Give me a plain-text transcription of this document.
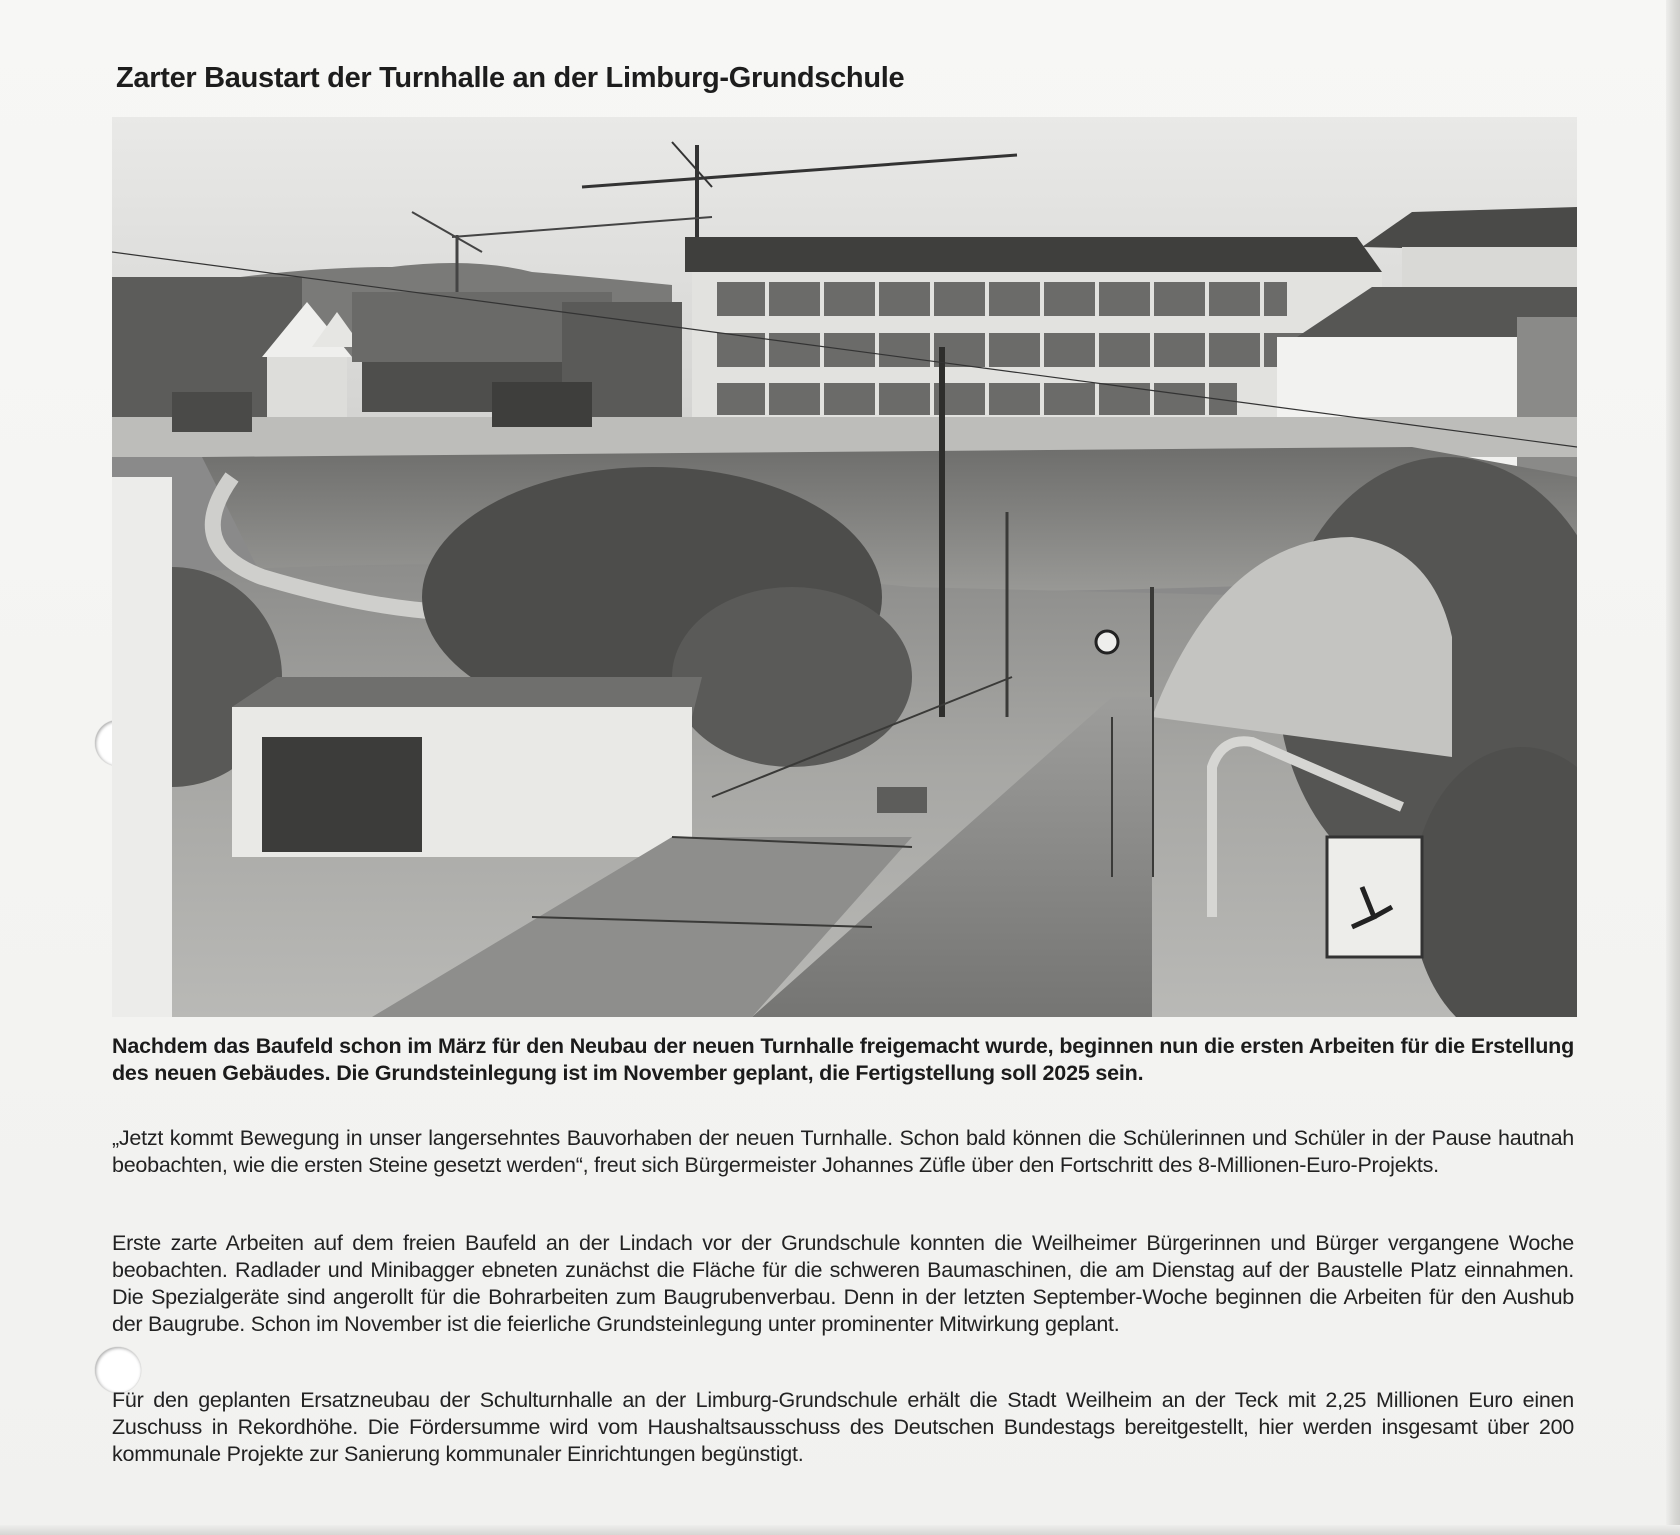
Zarter Baustart der Turnhalle an der Limburg-Grundschule

Nachdem das Baufeld schon im März für den Neubau der neuen Turnhalle freigemacht wurde, beginnen nun die ersten Arbeiten für die Erstellung des neuen Gebäudes. Die Grundsteinlegung ist im November geplant, die Fertigstellung soll 2025 sein.

„Jetzt kommt Bewegung in unser langersehntes Bauvorhaben der neuen Turnhalle. Schon bald können die Schülerinnen und Schüler in der Pause hautnah beobachten, wie die ersten Steine gesetzt werden“, freut sich Bürgermeister Johannes Züfle über den Fortschritt des 8-Millionen-Euro-Projekts.

Erste zarte Arbeiten auf dem freien Baufeld an der Lindach vor der Grundschule konnten die Weilheimer Bürgerinnen und Bürger vergangene Woche beobachten. Radlader und Minibagger ebneten zunächst die Fläche für die schweren Baumaschinen, die am Dienstag auf der Baustelle Platz einnahmen. Die Spezialgeräte sind angerollt für die Bohrarbeiten zum Baugrubenverbau. Denn in der letzten September-Woche beginnen die Arbeiten für den Aushub der Baugrube. Schon im November ist die feierliche Grundsteinlegung unter prominenter Mitwirkung geplant.

Für den geplanten Ersatzneubau der Schulturnhalle an der Limburg-Grundschule erhält die Stadt Weilheim an der Teck mit 2,25 Millionen Euro einen Zuschuss in Rekordhöhe. Die Fördersumme wird vom Haushaltsausschuss des Deutschen Bundestags bereitgestellt, hier werden insgesamt über 200 kommunale Projekte zur Sanierung kommunaler Einrichtungen begünstigt.
